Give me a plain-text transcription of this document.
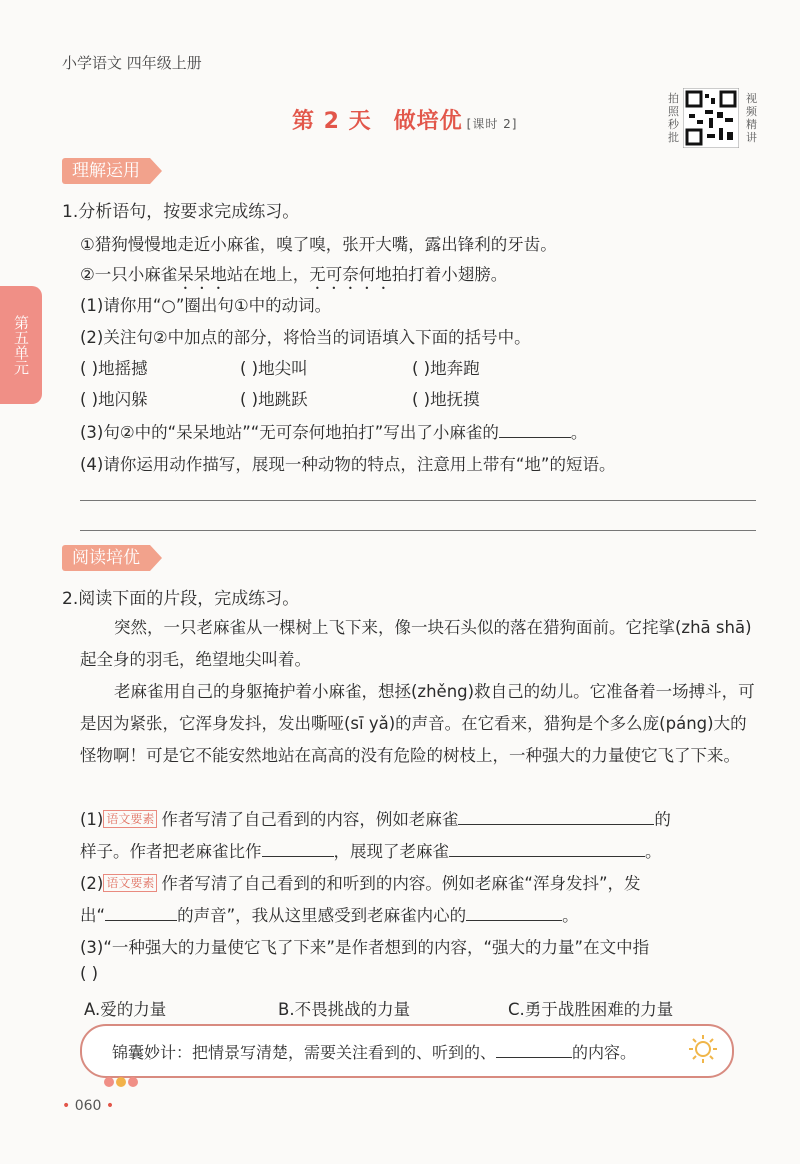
小学语文 四年级上册
第 2 天 做培优 [课时 2]
拍照秒批
视频精讲
第五单元
理解运用
1.分析语句，按要求完成练习。
①猎狗慢慢地走近小麻雀，嗅了嗅，张开大嘴，露出锋利的牙齿。
②一只小麻雀呆呆地站在地上，无可奈何地拍打着小翅膀。
(1)请你用“○”圈出句①中的动词。
(2)关注句②中加点的部分，将恰当的词语填入下面的括号中。
( )地摇撼	( )地尖叫	( )地奔跑
( )地闪躲	( )地跳跃	( )地抚摸
(3)句②中的“呆呆地站”“无可奈何地拍打”写出了小麻雀的	。
(4)请你运用动作描写，展现一种动物的特点，注意用上带有“地”的短语。
阅读培优
2.阅读下面的片段，完成练习。
突然，一只老麻雀从一棵树上飞下来，像一块石头似的落在猎狗面前。它挓挲(zhā shā)起全身的羽毛，绝望地尖叫着。
老麻雀用自己的身躯掩护着小麻雀，想拯(zhěng)救自己的幼儿。它准备着一场搏斗，可是因为紧张，它浑身发抖，发出嘶哑(sī yǎ)的声音。在它看来，猎狗是个多么庞(páng)大的怪物啊！可是它不能安然地站在高高的没有危险的树枝上，一种强大的力量使它飞了下来。
(1) 语文要素 作者写清了自己看到的内容，例如老麻雀	的
样子。作者把老麻雀比作	，展现了老麻雀	。
(2) 语文要素 作者写清了自己看到的和听到的内容。例如老麻雀“浑身发抖”，发
出“	的声音”，我从这里感受到老麻雀内心的	。
(3)“一种强大的力量使它飞了下来”是作者想到的内容，“强大的力量”在文中指
( )
A.爱的力量	B.不畏挑战的力量	C.勇于战胜困难的力量
锦囊妙计：把情景写清楚，需要关注看到的、听到的、	的内容。
• 060 •
